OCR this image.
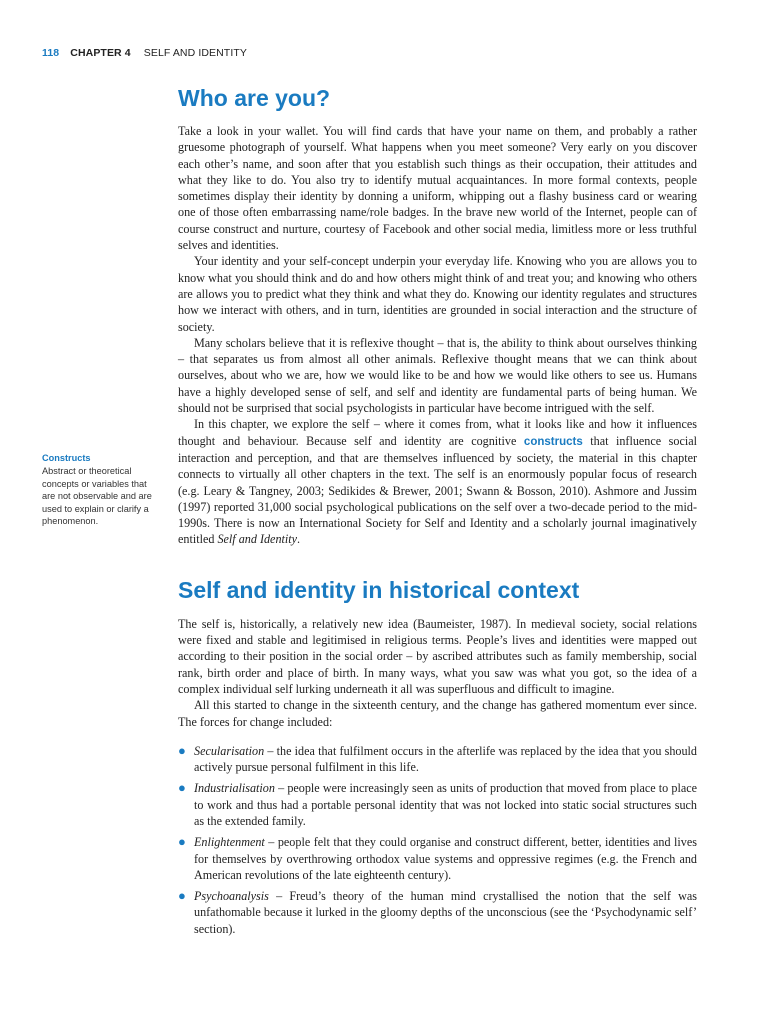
118 CHAPTER 4 SELF AND IDENTITY
Constructs
Abstract or theoretical concepts or variables that are not observable and are used to explain or clarify a phenomenon.
Who are you?

Take a look in your wallet. You will find cards that have your name on them, and probably a rather gruesome photograph of yourself. What happens when you meet someone? Very early on you discover each other’s name, and soon after that you establish such things as their occupation, their attitudes and what they like to do. You also try to identify mutual acquaintances. In more formal contexts, people sometimes display their identity by donning a uniform, whipping out a flashy business card or wearing one of those often embarrassing name/role badges. In the brave new world of the Internet, people can of course construct and nurture, courtesy of Facebook and other social media, limitless more or less truthful selves and identities.

Your identity and your self-concept underpin your everyday life. Knowing who you are allows you to know what you should think and do and how others might think of and treat you; and knowing who others are allows you to predict what they think and what they do. Knowing our identity regulates and structures how we interact with others, and in turn, identities are grounded in social interaction and the structure of society.

Many scholars believe that it is reflexive thought – that is, the ability to think about ourselves thinking – that separates us from almost all other animals. Reflexive thought means that we can think about ourselves, about who we are, how we would like to be and how we would like others to see us. Humans have a highly developed sense of self, and self and identity are fundamental parts of being human. We should not be surprised that social psychologists in particular have become intrigued with the self.

In this chapter, we explore the self – where it comes from, what it looks like and how it influences thought and behaviour. Because self and identity are cognitive constructs that influence social interaction and perception, and that are themselves influenced by society, the material in this chapter connects to virtually all other chapters in the text. The self is an enormously popular focus of research (e.g. Leary & Tangney, 2003; Sedikides & Brewer, 2001; Swann & Bosson, 2010). Ashmore and Jussim (1997) reported 31,000 social psychological publications on the self over a two-decade period to the mid-1990s. There is now an International Society for Self and Identity and a scholarly journal imaginatively entitled Self and Identity.

Self and identity in historical context

The self is, historically, a relatively new idea (Baumeister, 1987). In medieval society, social relations were fixed and stable and legitimised in religious terms. People’s lives and identities were mapped out according to their position in the social order – by ascribed attributes such as family membership, social rank, birth order and place of birth. In many ways, what you saw was what you got, so the idea of a complex individual self lurking underneath it all was superfluous and difficult to imagine.

All this started to change in the sixteenth century, and the change has gathered momentum ever since. The forces for change included:

● Secularisation – the idea that fulfilment occurs in the afterlife was replaced by the idea that you should actively pursue personal fulfilment in this life.
● Industrialisation – people were increasingly seen as units of production that moved from place to place to work and thus had a portable personal identity that was not locked into static social structures such as the extended family.
● Enlightenment – people felt that they could organise and construct different, better, identities and lives for themselves by overthrowing orthodox value systems and oppressive regimes (e.g. the French and American revolutions of the late eighteenth century).
● Psychoanalysis – Freud’s theory of the human mind crystallised the notion that the self was unfathomable because it lurked in the gloomy depths of the unconscious (see the ‘Psychodynamic self’ section).
